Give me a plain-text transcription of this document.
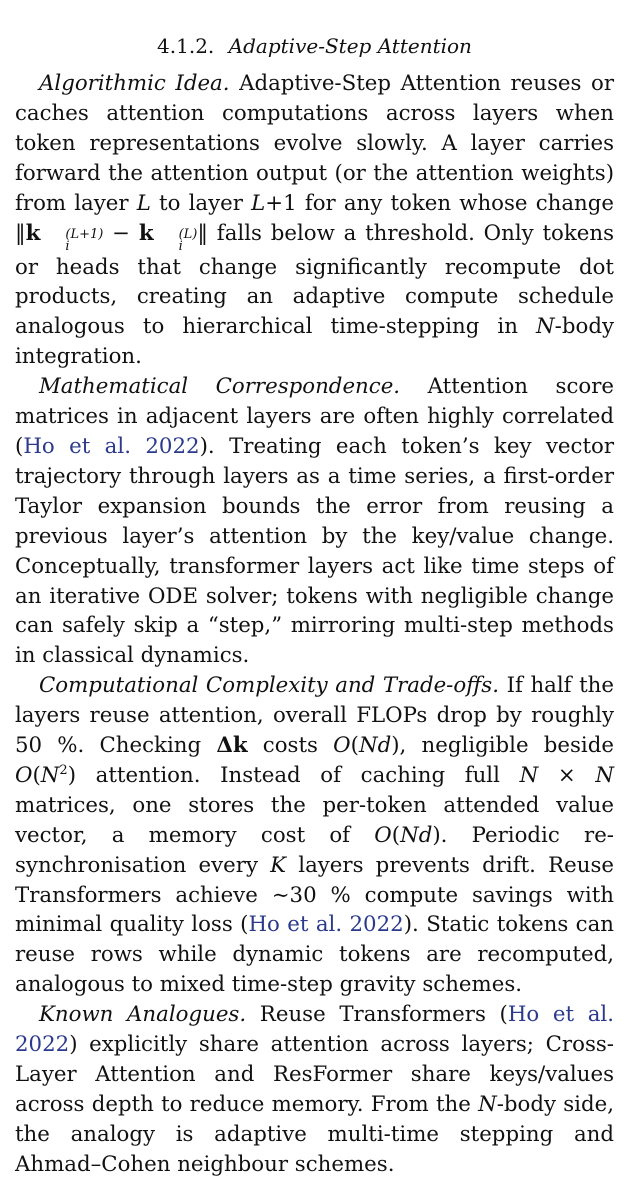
4.1.2. Adaptive-Step Attention

Algorithmic Idea. Adaptive-Step Attention reuses or caches attention computations across layers when token representations evolve slowly. A layer carries forward the attention output (or the attention weights) from layer L to layer L+1 for any token whose change ‖k	(L+1)
i
− k	(L)
i
‖ falls below a threshold. Only tokens or heads that change significantly recompute dot products, creating an adaptive compute schedule analogous to hierarchical time-stepping in N-body integration.

Mathematical Correspondence. Attention score matrices in adjacent layers are often highly correlated (Ho et al. 2022). Treating each token’s key vector trajectory through layers as a time series, a first-order Taylor expansion bounds the error from reusing a previous layer’s attention by the key/value change. Conceptually, transformer layers act like time steps of an iterative ODE solver; tokens with negligible change can safely skip a “step,” mirroring multi-step methods in classical dynamics.

Computational Complexity and Trade-offs. If half the layers reuse attention, overall FLOPs drop by roughly 50 %. Checking Δk costs O(Nd), negligible beside $O(N^2)$ attention. Instead of caching full N × N matrices, one stores the per-token attended value vector, a memory cost of O(Nd). Periodic re-synchronisation every K layers prevents drift. Reuse Transformers achieve ∼30 % compute savings with minimal quality loss (Ho et al. 2022). Static tokens can reuse rows while dynamic tokens are recomputed, analogous to mixed time-step gravity schemes.

Known Analogues. Reuse Transformers (Ho et al. 2022) explicitly share attention across layers; Cross-Layer Attention and ResFormer share keys/values across depth to reduce memory. From the N-body side, the analogy is adaptive multi-time stepping and Ahmad–Cohen neighbour schemes.
